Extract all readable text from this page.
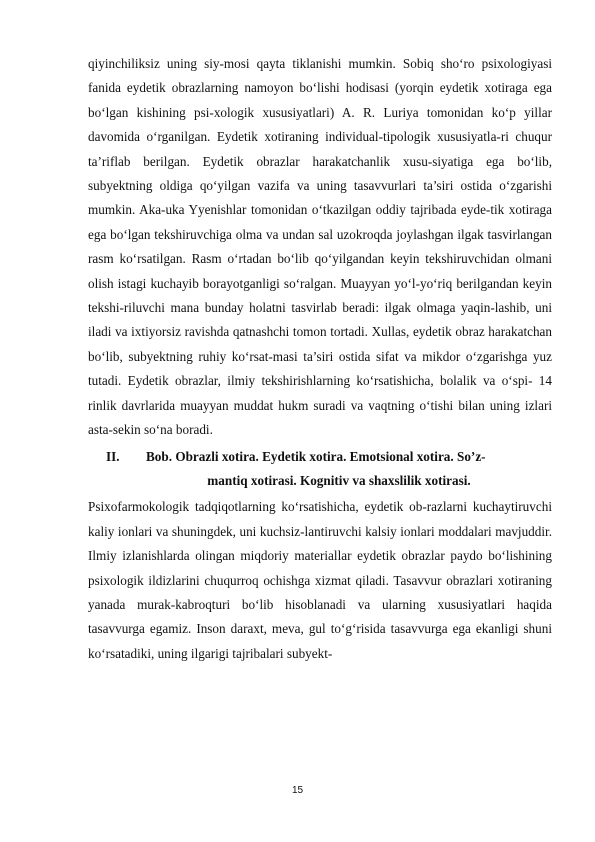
qiyinchiliksiz uning siy-mosi qayta tiklanishi mumkin. Sobiq sho‘ro psixologiyasi fanida eydetik obrazlarning namoyon bo‘lishi hodisasi (yorqin eydetik xotiraga ega bo‘lgan kishining psi-xologik xususiyatlari) A. R. Luriya tomonidan ko‘p yillar davomida o‘rganilgan. Eydetik xotiraning individual-tipologik xususiyatla-ri chuqur ta’riflab berilgan. Eydetik obrazlar harakatchanlik xusu-siyatiga ega bo‘lib, subyektning oldiga qo‘yilgan vazifa va uning tasavvurlari ta’siri ostida o‘zgarishi mumkin. Aka-uka Yyenishlar tomonidan o‘tkazilgan oddiy tajribada eyde-tik xotiraga ega bo‘lgan tekshiruvchiga olma va undan sal uzokroqda joylashgan ilgak tasvirlangan rasm ko‘rsatilgan. Rasm o‘rtadan bo‘lib qo‘yilgandan keyin tekshiruvchidan olmani olish istagi kuchayib borayotganligi so‘ralgan. Muayyan yo‘l-yo‘riq berilgandan keyin tekshi-riluvchi mana bunday holatni tasvirlab beradi: ilgak olmaga yaqin-lashib, uni iladi va ixtiyorsiz ravishda qatnashchi tomon tortadi. Xullas, eydetik obraz harakatchan bo‘lib, subyektning ruhiy ko‘rsat-masi ta’siri ostida sifat va mikdor o‘zgarishga yuz tutadi. Eydetik obrazlar, ilmiy tekshirishlarning ko‘rsatishicha, bolalik va o‘spi- 14 rinlik davrlarida muayyan muddat hukm suradi va vaqtning o‘tishi bilan uning izlari asta-sekin so‘na boradi.

II.	Bob. Obrazli xotira. Eydetik xotira. Emotsional xotira. So’z-
mantiq xotirasi. Kognitiv va shaxslilik xotirasi.

Psixofarmokologik tadqiqotlarning ko‘rsatishicha, eydetik ob-razlarni kuchaytiruvchi kaliy ionlari va shuningdek, uni kuchsiz-lantiruvchi kalsiy ionlari moddalari mavjuddir. Ilmiy izlanishlarda olingan miqdoriy materiallar eydetik obrazlar paydo bo‘lishining psixologik ildizlarini chuqurroq ochishga xizmat qiladi. Tasavvur obrazlari xotiraning yanada murak-kabroqturi bo‘lib hisoblanadi va ularning xususiyatlari haqida tasavvurga egamiz. Inson daraxt, meva, gul to‘g‘risida tasavvurga ega ekanligi shuni ko‘rsatadiki, uning ilgarigi tajribalari subyekt-

15
